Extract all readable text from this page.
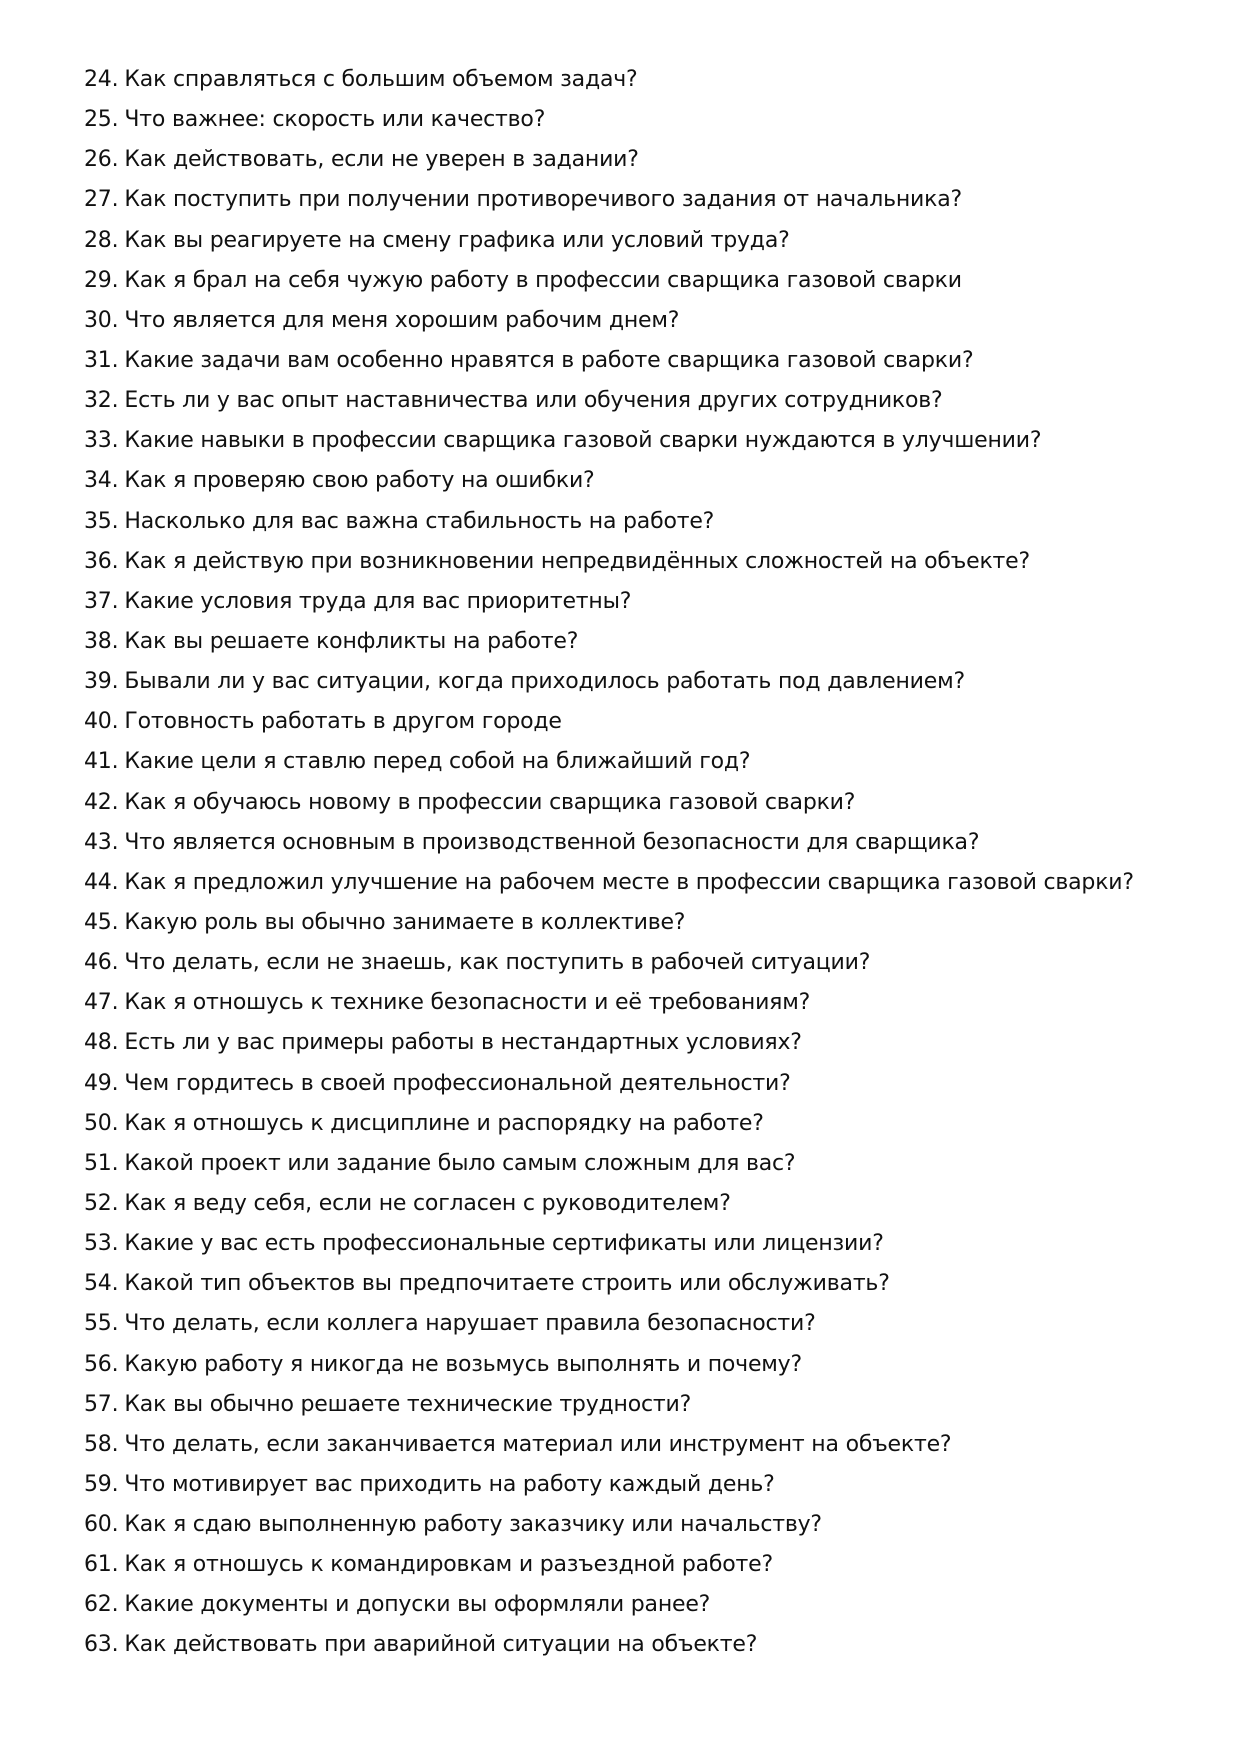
24. Как справляться с большим объемом задач?
25. Что важнее: скорость или качество?
26. Как действовать, если не уверен в задании?
27. Как поступить при получении противоречивого задания от начальника?
28. Как вы реагируете на смену графика или условий труда?
29. Как я брал на себя чужую работу в профессии сварщика газовой сварки
30. Что является для меня хорошим рабочим днем?
31. Какие задачи вам особенно нравятся в работе сварщика газовой сварки?
32. Есть ли у вас опыт наставничества или обучения других сотрудников?
33. Какие навыки в профессии сварщика газовой сварки нуждаются в улучшении?
34. Как я проверяю свою работу на ошибки?
35. Насколько для вас важна стабильность на работе?
36. Как я действую при возникновении непредвидённых сложностей на объекте?
37. Какие условия труда для вас приоритетны?
38. Как вы решаете конфликты на работе?
39. Бывали ли у вас ситуации, когда приходилось работать под давлением?
40. Готовность работать в другом городе
41. Какие цели я ставлю перед собой на ближайший год?
42. Как я обучаюсь новому в профессии сварщика газовой сварки?
43. Что является основным в производственной безопасности для сварщика?
44. Как я предложил улучшение на рабочем месте в профессии сварщика газовой сварки?
45. Какую роль вы обычно занимаете в коллективе?
46. Что делать, если не знаешь, как поступить в рабочей ситуации?
47. Как я отношусь к технике безопасности и её требованиям?
48. Есть ли у вас примеры работы в нестандартных условиях?
49. Чем гордитесь в своей профессиональной деятельности?
50. Как я отношусь к дисциплине и распорядку на работе?
51. Какой проект или задание было самым сложным для вас?
52. Как я веду себя, если не согласен с руководителем?
53. Какие у вас есть профессиональные сертификаты или лицензии?
54. Какой тип объектов вы предпочитаете строить или обслуживать?
55. Что делать, если коллега нарушает правила безопасности?
56. Какую работу я никогда не возьмусь выполнять и почему?
57. Как вы обычно решаете технические трудности?
58. Что делать, если заканчивается материал или инструмент на объекте?
59. Что мотивирует вас приходить на работу каждый день?
60. Как я сдаю выполненную работу заказчику или начальству?
61. Как я отношусь к командировкам и разъездной работе?
62. Какие документы и допуски вы оформляли ранее?
63. Как действовать при аварийной ситуации на объекте?
